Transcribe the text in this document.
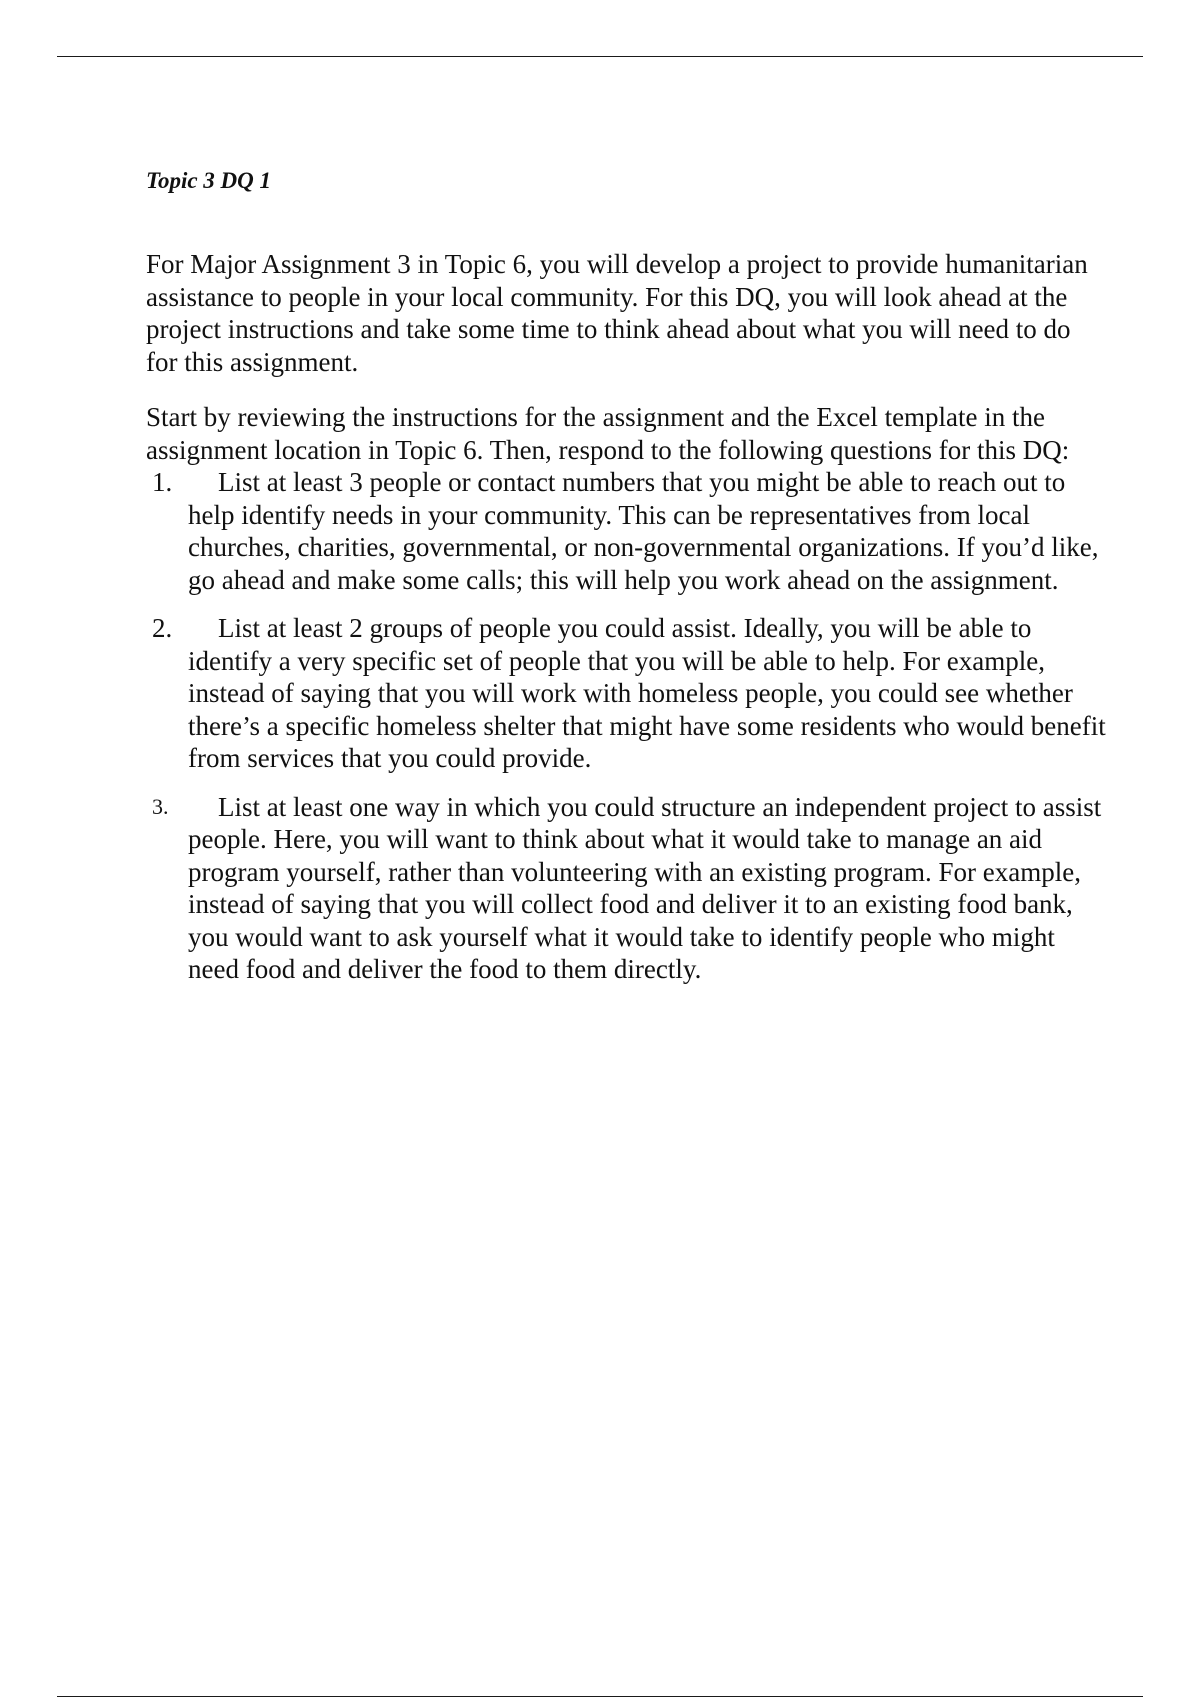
Topic 3 DQ 1

For Major Assignment 3 in Topic 6, you will develop a project to provide humanitarian assistance to people in your local community. For this DQ, you will look ahead at the project instructions and take some time to think ahead about what you will need to do for this assignment.

Start by reviewing the instructions for the assignment and the Excel template in the assignment location in Topic 6. Then, respond to the following questions for this DQ:

1. List at least 3 people or contact numbers that you might be able to reach out to help identify needs in your community. This can be representatives from local churches, charities, governmental, or non-governmental organizations. If you’d like, go ahead and make some calls; this will help you work ahead on the assignment.
2. List at least 2 groups of people you could assist. Ideally, you will be able to identify a very specific set of people that you will be able to help. For example, instead of saying that you will work with homeless people, you could see whether there’s a specific homeless shelter that might have some residents who would benefit from services that you could provide.
3. List at least one way in which you could structure an independent project to assist people. Here, you will want to think about what it would take to manage an aid program yourself, rather than volunteering with an existing program. For example, instead of saying that you will collect food and deliver it to an existing food bank, you would want to ask yourself what it would take to identify people who might need food and deliver the food to them directly.
